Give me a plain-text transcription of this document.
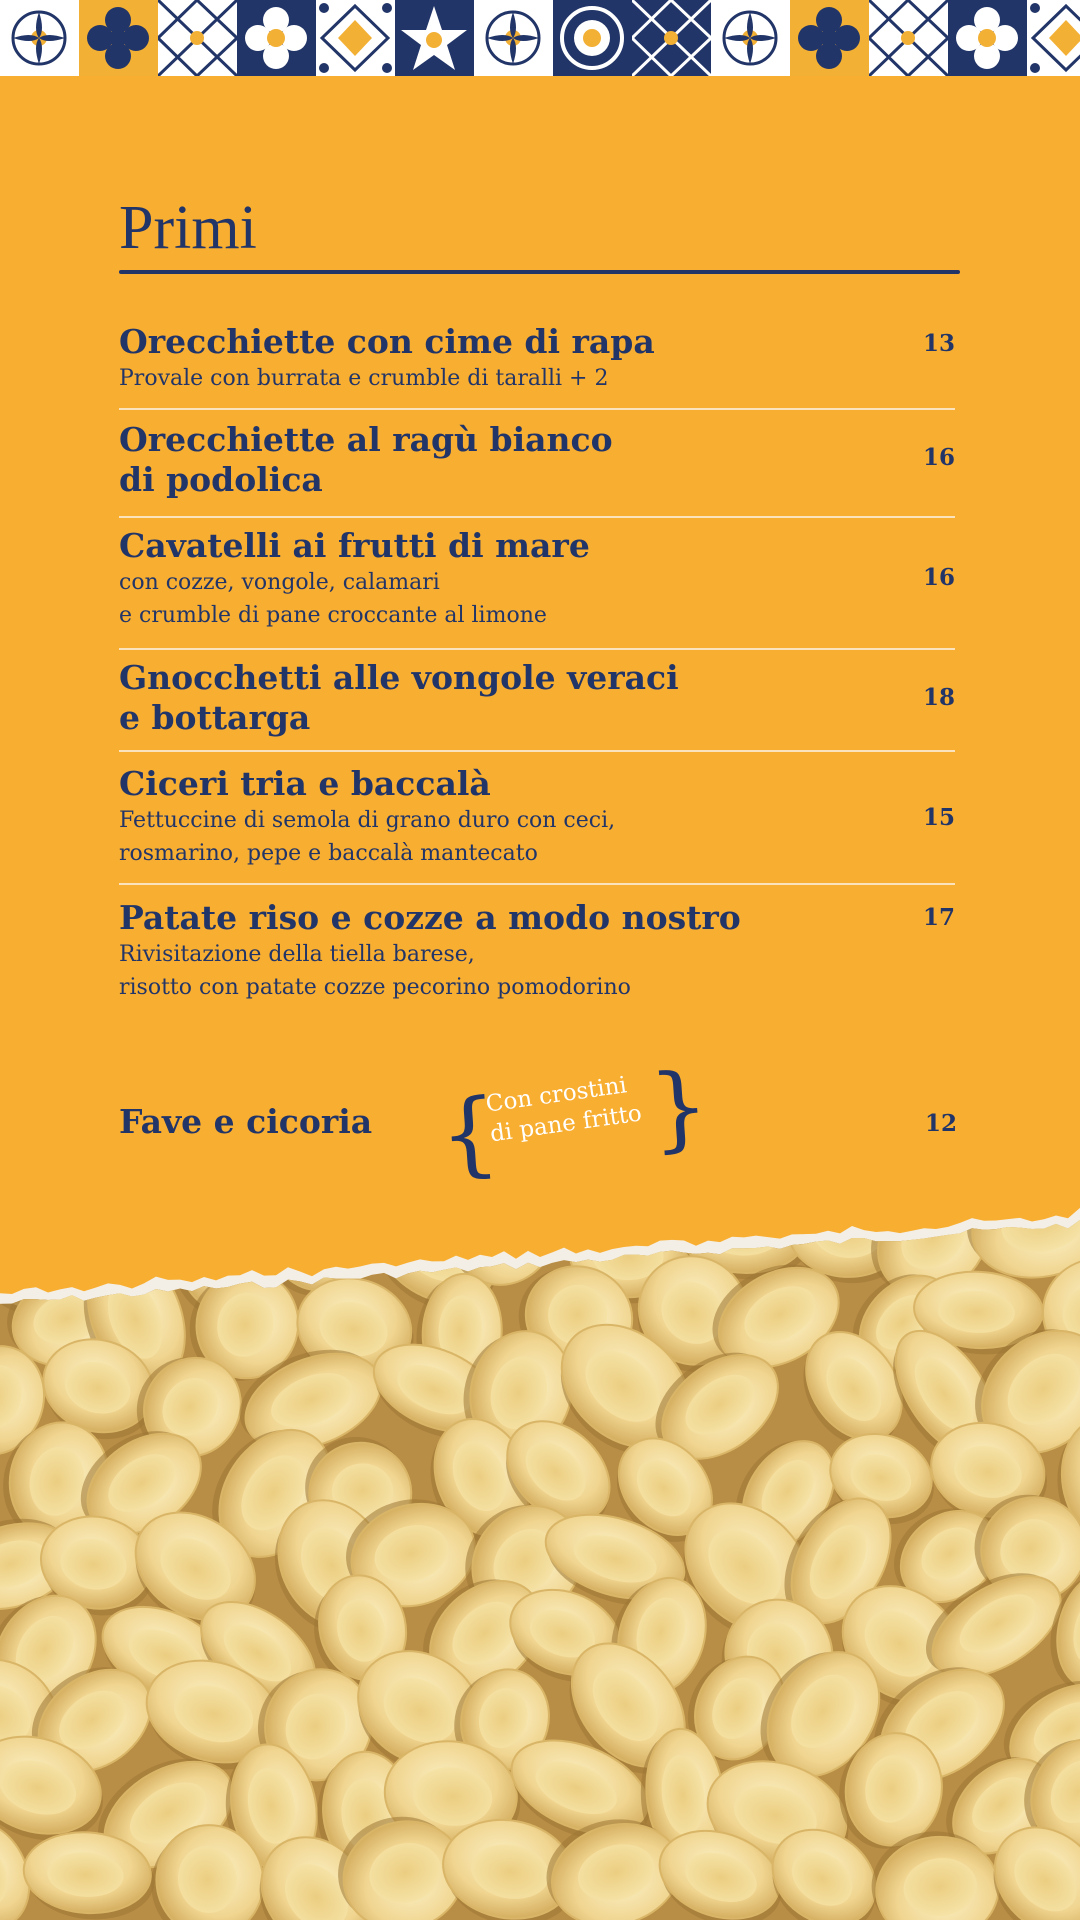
Primi

Orecchiette con cime di rapa

Provale con burrata e crumble di taralli + 2

13

Orecchiette al ragù bianco
di podolica

16

Cavatelli ai frutti di mare

con cozze, vongole, calamari
e crumble di pane croccante al limone

16

Gnocchetti alle vongole veraci
e bottarga

18

Ciceri tria e baccalà

Fettuccine di semola di grano duro con ceci,
rosmarino, pepe e baccalà mantecato

15

Patate riso e cozze a modo nostro

Rivisitazione della tiella barese,
risotto con patate cozze pecorino pomodorino

17

Fave e cicoria {
Con crostini
di pane fritto }	12
